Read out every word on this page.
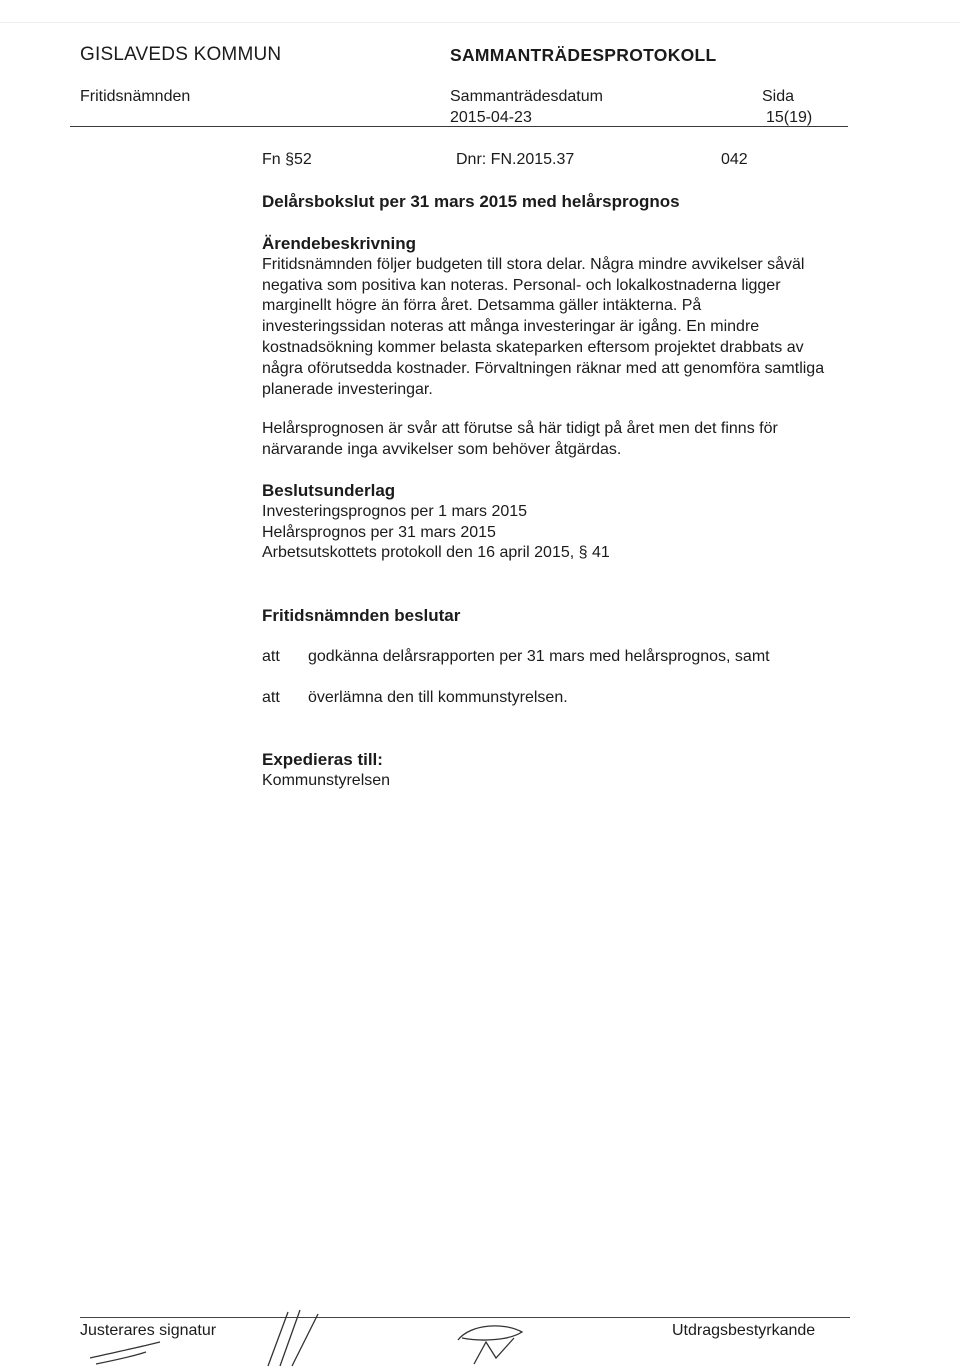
GISLAVEDS KOMMUN	SAMMANTRÄDESPROTOKOLL
Fritidsnämnden	Sammanträdesdatum
2015-04-23
Sida
15(19)
Fn §52	Dnr: FN.2015.37	042
Delårsbokslut per 31 mars 2015 med helårsprognos
Ärendebeskrivning
Fritidsnämnden följer budgeten till stora delar. Några mindre avvikelser såväl
negativa som positiva kan noteras. Personal- och lokalkostnaderna ligger
marginellt högre än förra året. Detsamma gäller intäkterna. På
investeringssidan noteras att många investeringar är igång. En mindre
kostnadsökning kommer belasta skateparken eftersom projektet drabbats av
några oförutsedda kostnader. Förvaltningen räknar med att genomföra samtliga
planerade investeringar.
Helårsprognosen är svår att förutse så här tidigt på året men det finns för
närvarande inga avvikelser som behöver åtgärdas.
Beslutsunderlag
Investeringsprognos per 1 mars 2015
Helårsprognos per 31 mars 2015
Arbetsutskottets protokoll den 16 april 2015, § 41
Fritidsnämnden beslutar
att godkänna delårsrapporten per 31 mars med helårsprognos, samt
att överlämna den till kommunstyrelsen.
Expedieras till:
Kommunstyrelsen
Justerares signatur	Utdragsbestyrkande
